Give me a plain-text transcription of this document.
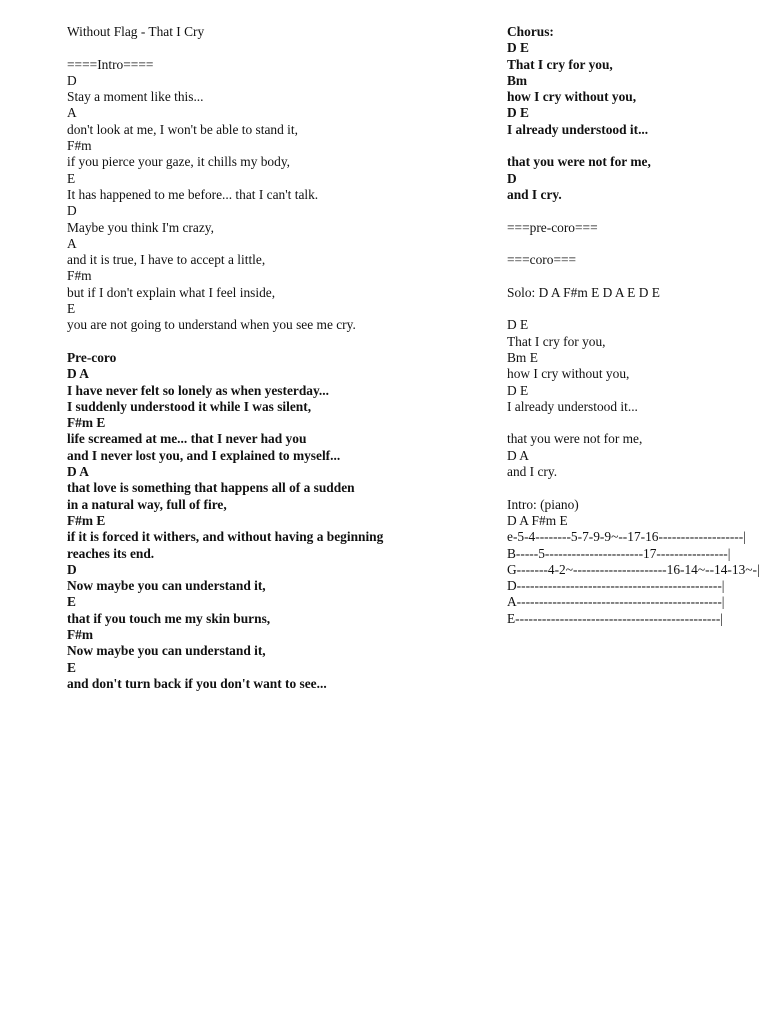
Without Flag - That I Cry
====Intro====
D
Stay a moment like this...
A
don't look at me, I won't be able to stand it,
F#m
if you pierce your gaze, it chills my body,
E
It has happened to me before... that I can't talk.
D
Maybe you think I'm crazy,
A
and it is true, I have to accept a little,
F#m
but if I don't explain what I feel inside,
E
you are not going to understand when you see me cry.
Pre-coro
D A
I have never felt so lonely as when yesterday...
I suddenly understood it while I was silent,
F#m E
life screamed at me... that I never had you
and I never lost you, and I explained to myself...
D A
that love is something that happens all of a sudden
in a natural way, full of fire,
F#m E
if it is forced it withers, and without having a beginning
reaches its end.
D
Now maybe you can understand it,
E
that if you touch me my skin burns,
F#m
Now maybe you can understand it,
E
and don't turn back if you don't want to see...
Chorus:
D E
That I cry for you,
Bm
how I cry without you,
D E
I already understood it...
that you were not for me,
D
and I cry.
===pre-coro===
===coro===
Solo: D A F#m E D A E D E
D E
That I cry for you,
Bm E
how I cry without you,
D E
I already understood it...
that you were not for me,
D A
and I cry.
Intro: (piano)
D A F#m E
e-5-4--------5-7-9-9~--17-16-------------------|
B-----5----------------------17----------------|
G-------4-2~---------------------16-14~--14-13~-|
D----------------------------------------------|
A----------------------------------------------|
E----------------------------------------------|
